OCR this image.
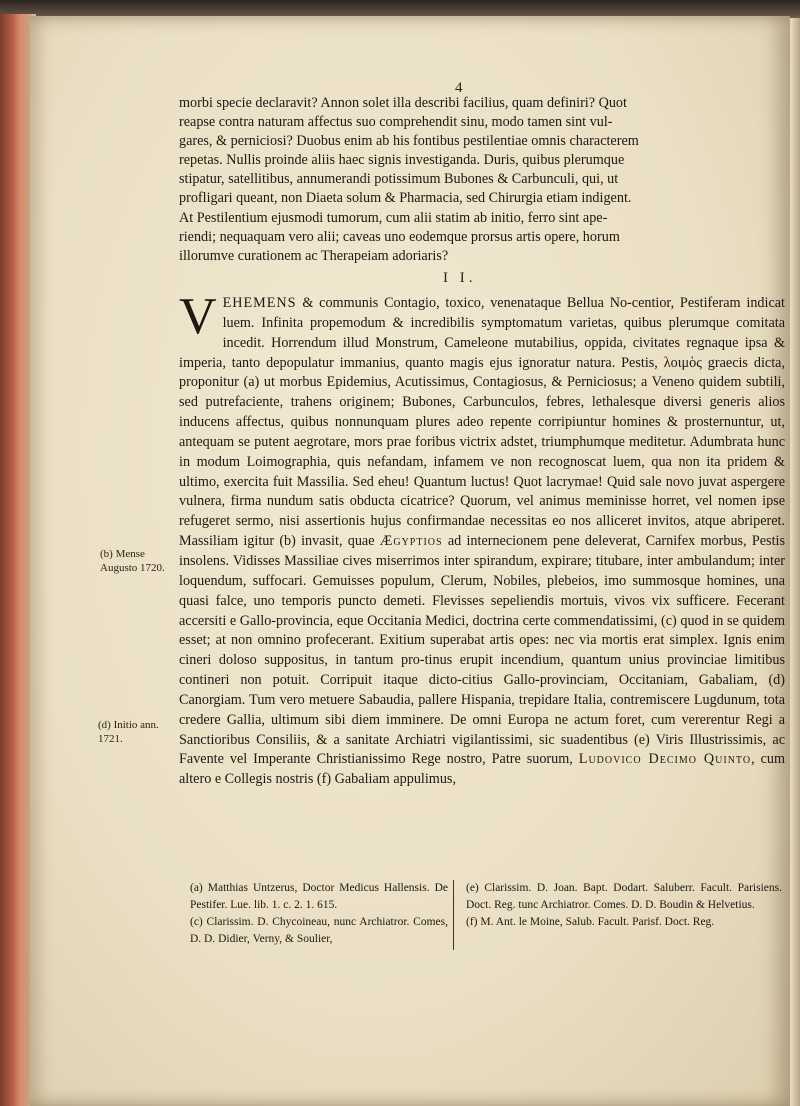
4

morbi specie declaravit? Annon solet illa describi facilius, quam definiri? Quot

reapse contra naturam affectus suo comprehendit sinu, modo tamen sint vul-

gares, & perniciosi? Duobus enim ab his fontibus pestilentiae omnis characterem

repetas. Nullis proinde aliis haec signis investiganda. Duris, quibus plerumque

stipatur, satellitibus, annumerandi potissimum Bubones & Carbunculi, qui, ut

profligari queant, non Diaeta solum & Pharmacia, sed Chirurgia etiam indigent.

At Pestilentium ejusmodi tumorum, cum alii statim ab initio, ferro sint ape-

riendi; nequaquam vero alii; caveas uno eodemque prorsus artis opere, horum

illorumve curationem ac Therapeiam adoriaris?

I I.
VEHEMENS & communis Contagio, toxico, venenataque Bellua No-centior, Pestiferam indicat luem. Infinita propemodum & incredibilis symptomatum varietas, quibus plerumque comitata incedit. Horrendum illud Monstrum, Cameleone mutabilius, oppida, civitates regnaque ipsa & imperia, tanto depopulatur immanius, quanto magis ejus ignoratur natura. Pestis, λοιμὸς graecis dicta, proponitur (a) ut morbus Epidemius, Acutissimus, Contagiosus, & Perniciosus; a Veneno quidem subtili, sed putrefaciente, trahens originem; Bubones, Carbunculos, febres, lethalesque diversi generis alios inducens affectus, quibus nonnunquam plures adeo repente corripiuntur homines & prosternuntur, ut, antequam se putent aegrotare, mors prae foribus victrix adstet, triumphumque meditetur. Adumbrata hunc in modum Loimographia, quis nefandam, infamem ve non recognoscat luem, qua non ita pridem & ultimo, exercita fuit Massilia. Sed eheu! Quantum luctus! Quot lacrymae! Quid sale novo juvat aspergere vulnera, firma nundum satis obducta cicatrice? Quorum, vel animus meminisse horret, vel nomen ipse refugeret sermo, nisi assertionis hujus confirmandae necessitas eo nos alliceret invitos, atque abriperet. Massiliam igitur (b) invasit, quae Ægyptios ad internecionem pene deleverat, Carnifex morbus, Pestis insolens. Vidisses Massiliae cives miserrimos inter spirandum, expirare; titubare, inter ambulandum; inter loquendum, suffocari. Gemuisses populum, Clerum, Nobiles, plebeios, imo summosque homines, una quasi falce, uno temporis puncto demeti. Flevisses sepeliendis mortuis, vivos vix sufficere. Fecerant accersiti e Gallo-provincia, eque Occitania Medici, doctrina certe commendatissimi, (c) quod in se quidem esset; at non omnino profecerant. Exitium superabat artis opes: nec via mortis erat simplex. Ignis enim cineri doloso suppositus, in tantum pro-tinus erupit incendium, quantum unius provinciae limitibus contineri non potuit. Corripuit itaque dicto-citius Gallo-provinciam, Occitaniam, Gabaliam, (d) Canorgiam. Tum vero metuere Sabaudia, pallere Hispania, trepidare Italia, contremiscere Lugdunum, tota credere Gallia, ultimum sibi diem imminere. De omni Europa ne actum foret, cum vererentur Regi a Sanctioribus Consiliis, & a sanitate Archiatri vigilantissimi, sic suadentibus (e) Viris Illustrissimis, ac Favente vel Imperante Christianissimo Rege nostro, Patre suorum, Ludovico Decimo Quinto, cum altero e Collegis nostris (f) Gabaliam appulimus,
(b) Mense Augusto 1720.
(d) Initio ann. 1721.
(a) Matthias Untzerus, Doctor Medicus Hallensis. De Pestifer. Lue. lib. 1. c. 2. 1. 615.
(c) Clarissim. D. Chycoineau, nunc Archiatror. Comes, D. D. Didier, Verny, & Soulier,
(e) Clarissim. D. Joan. Bapt. Dodart. Saluberr. Facult. Parisiens. Doct. Reg. tunc Archiatror. Comes. D. D. Boudin & Helvetius.
(f) M. Ant. le Moine, Salub. Facult. Parisf. Doct. Reg.
